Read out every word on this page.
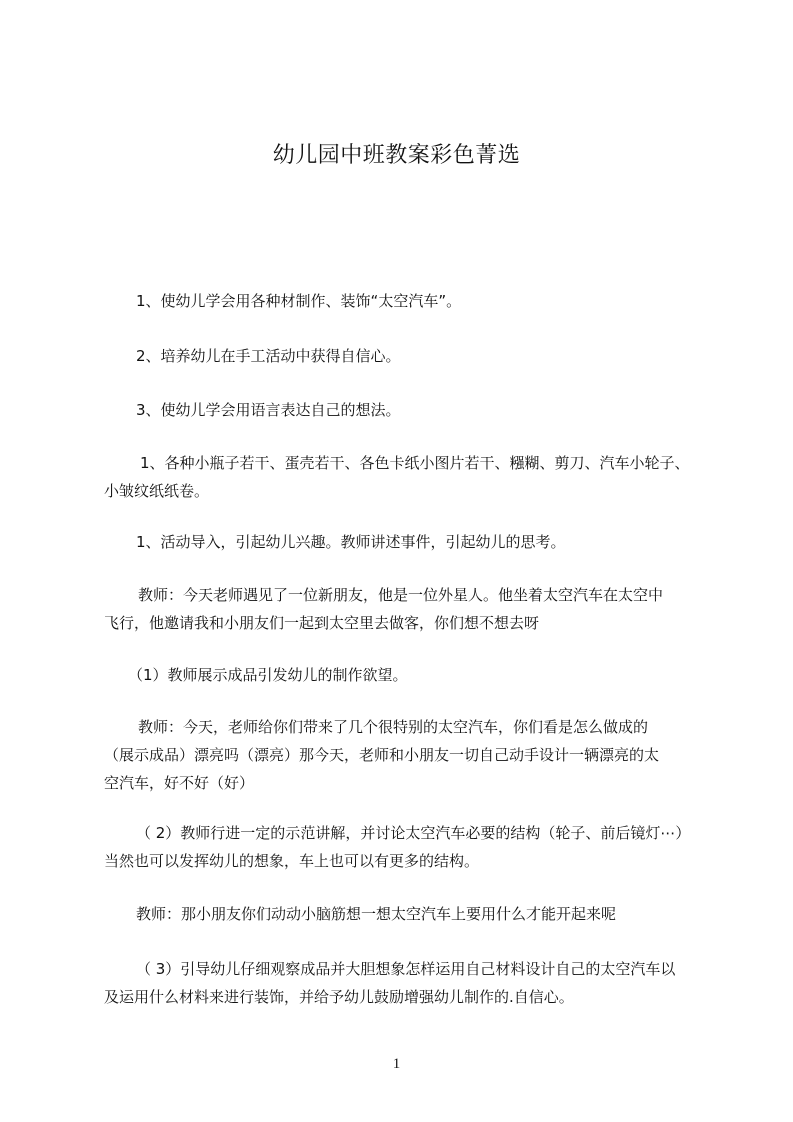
幼儿园中班教案彩色菁选
1、使幼儿学会用各种材制作、装饰“太空汽车”。
2、培养幼儿在手工活动中获得自信心。
3、使幼儿学会用语言表达自己的想法。
1、各种小瓶子若干、蛋壳若干、各色卡纸小图片若干、糨糊、剪刀、汽车小轮子、
小皱纹纸纸卷。
1、活动导入，引起幼儿兴趣。教师讲述事件，引起幼儿的思考。
教师：今天老师遇见了一位新朋友，他是一位外星人。他坐着太空汽车在太空中
飞行，他邀请我和小朋友们一起到太空里去做客，你们想不想去呀
（1）教师展示成品引发幼儿的制作欲望。
教师：今天，老师给你们带来了几个很特别的太空汽车，你们看是怎么做成的
（展示成品）漂亮吗（漂亮）那今天，老师和小朋友一切自己动手设计一辆漂亮的太
空汽车，好不好（好）
（ 2）教师行进一定的示范讲解，并讨论太空汽车必要的结构（轮子、前后镜灯⋯）
当然也可以发挥幼儿的想象，车上也可以有更多的结构。
教师：那小朋友你们动动小脑筋想一想太空汽车上要用什么才能开起来呢
（ 3）引导幼儿仔细观察成品并大胆想象怎样运用自己材料设计自己的太空汽车以
及运用什么材料来进行装饰，并给予幼儿鼓励增强幼儿制作的.自信心。
1
